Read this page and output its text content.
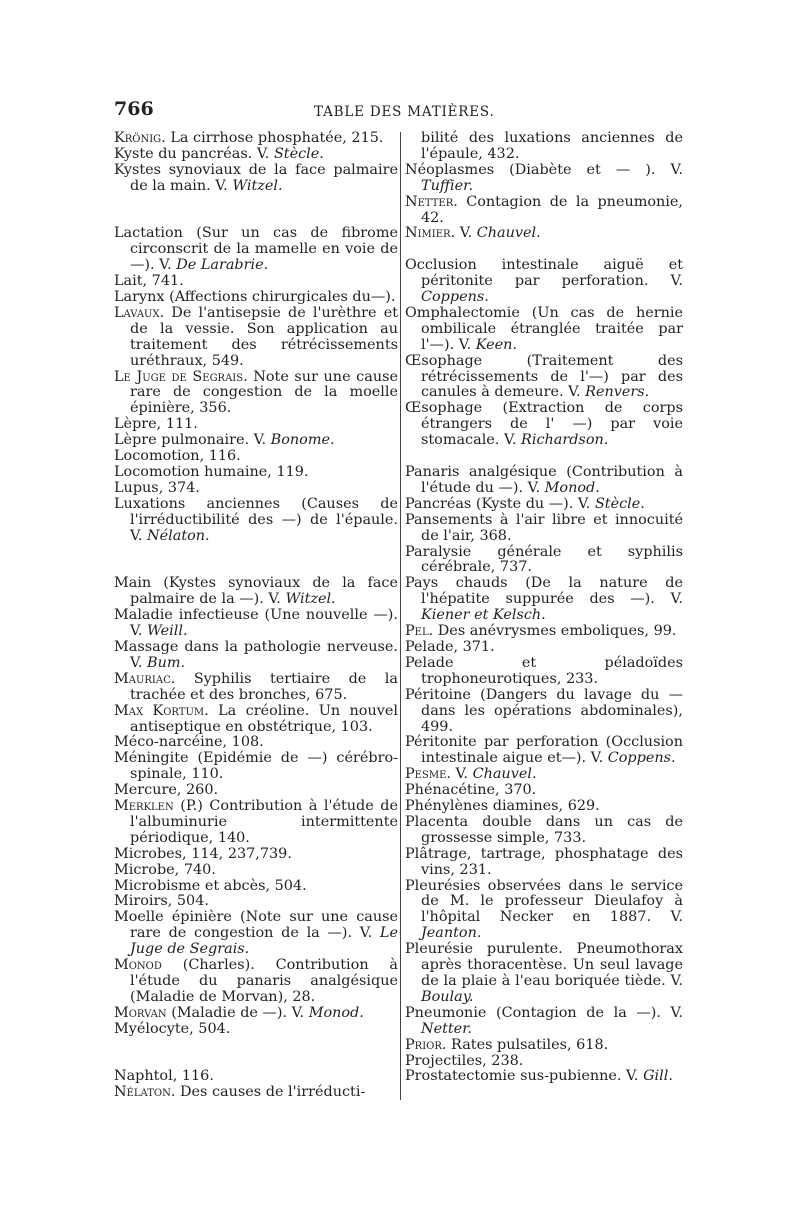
766	TABLE DES MATIÈRES.
Krönig. La cirrhose phosphatée, 215.
Kyste du pancréas. V. Stècle.
Kystes synoviaux de la face palmaire de la main. V. Witzel.
Lactation (Sur un cas de fibrome circonscrit de la mamelle en voie de —). V. De Larabrie.
Lait, 741.
Larynx (Affections chirurgicales du—).
Lavaux. De l'antisepsie de l'urèthre et de la vessie. Son application au traitement des rétrécissements uréthraux, 549.
Le Juge de Segrais. Note sur une cause rare de congestion de la moelle épinière, 356.
Lèpre, 111.
Lèpre pulmonaire. V. Bonome.
Locomotion, 116.
Locomotion humaine, 119.
Lupus, 374.
Luxations anciennes (Causes de l'irréductibilité des —) de l'épaule. V. Nélaton.
Main (Kystes synoviaux de la face palmaire de la —). V. Witzel.
Maladie infectieuse (Une nouvelle —). V. Weill.
Massage dans la pathologie nerveuse. V. Bum.
Mauriac. Syphilis tertiaire de la trachée et des bronches, 675.
Max Kortum. La créoline. Un nouvel antiseptique en obstétrique, 103.
Méco-narcéine, 108.
Méningite (Epidémie de —) cérébro-spinale, 110.
Mercure, 260.
Merklen (P.) Contribution à l'étude de l'albuminurie intermittente périodique, 140.
Microbes, 114, 237,739.
Microbe, 740.
Microbisme et abcès, 504.
Miroirs, 504.
Moelle épinière (Note sur une cause rare de congestion de la —). V. Le Juge de Segrais.
Monod (Charles). Contribution à l'étude du panaris analgésique (Maladie de Morvan), 28.
Morvan (Maladie de —). V. Monod.
Myélocyte, 504.
Naphtol, 116.
Nélaton. Des causes de l'irréducti-
bilité des luxations anciennes de l'épaule, 432.
Néoplasmes (Diabète et — ). V. Tuffier.
Netter. Contagion de la pneumonie, 42.
Nimier. V. Chauvel.
Occlusion intestinale aiguë et péritonite par perforation. V. Coppens.
Omphalectomie (Un cas de hernie ombilicale étranglée traitée par l'—). V. Keen.
Œsophage (Traitement des rétrécissements de l'—) par des canules à demeure. V. Renvers.
Œsophage (Extraction de corps étrangers de l' —) par voie stomacale. V. Richardson.
Panaris analgésique (Contribution à l'étude du —). V. Monod.
Pancréas (Kyste du —). V. Stècle.
Pansements à l'air libre et innocuité de l'air, 368.
Paralysie générale et syphilis cérébrale, 737.
Pays chauds (De la nature de l'hépatite suppurée des —). V. Kiener et Kelsch.
Pel. Des anévrysmes emboliques, 99.
Pelade, 371.
Pelade et péladoïdes trophoneurotiques, 233.
Péritoine (Dangers du lavage du — dans les opérations abdominales), 499.
Péritonite par perforation (Occlusion intestinale aigue et—). V. Coppens.
Pesme. V. Chauvel.
Phénacétine, 370.
Phénylènes diamines, 629.
Placenta double dans un cas de grossesse simple, 733.
Plâtrage, tartrage, phosphatage des vins, 231.
Pleurésies observées dans le service de M. le professeur Dieulafoy à l'hôpital Necker en 1887. V. Jeanton.
Pleurésie purulente. Pneumothorax après thoracentèse. Un seul lavage de la plaie à l'eau boriquée tiède. V. Boulay.
Pneumonie (Contagion de la —). V. Netter.
Prior. Rates pulsatiles, 618.
Projectiles, 238.
Prostatectomie sus-pubienne. V. Gill.
